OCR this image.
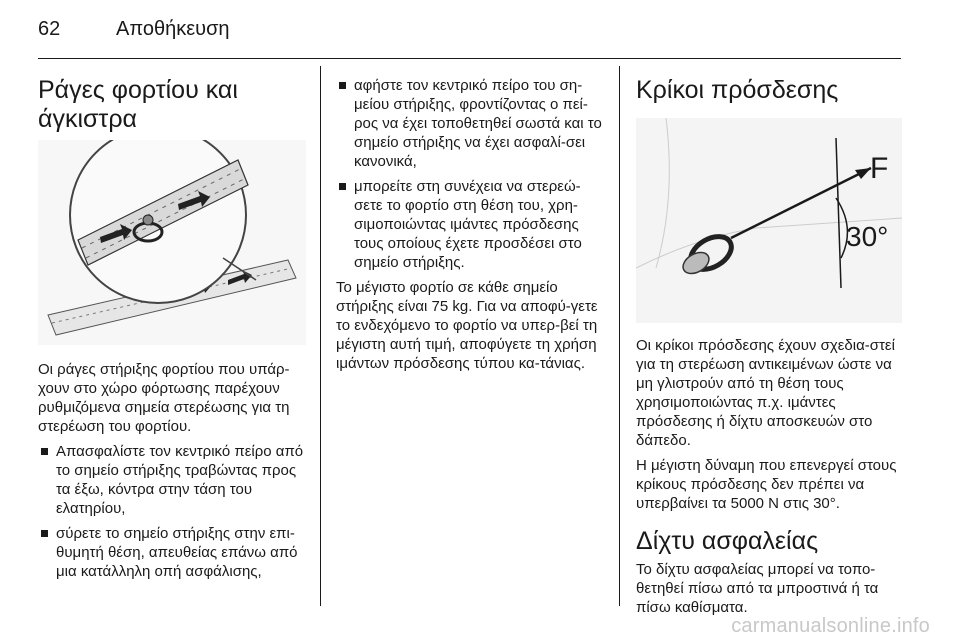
62	Αποθήκευση
Ράγες φορτίου και
άγκιστρα

Οι ράγες στήριξης φορτίου που υπάρ-χουν στο χώρο φόρτωσης παρέχουν ρυθμιζόμενα σημεία στερέωσης για τη στερέωση του φορτίου.

Απασφαλίστε τον κεντρικό πείρο από το σημείο στήριξης τραβώντας προς τα έξω, κόντρα στην τάση του ελατηρίου,
σύρετε το σημείο στήριξης στην επι-θυμητή θέση, απευθείας επάνω από μια κατάλληλη οπή ασφάλισης,
αφήστε τον κεντρικό πείρο του ση-μείου στήριξης, φροντίζοντας ο πεί-ρος να έχει τοποθετηθεί σωστά και το σημείο στήριξης να έχει ασφαλί-σει κανονικά,
μπορείτε στη συνέχεια να στερεώ-σετε το φορτίο στη θέση του, χρη-σιμοποιώντας ιμάντες πρόσδεσης τους οποίους έχετε προσδέσει στο σημείο στήριξης.

Το μέγιστο φορτίο σε κάθε σημείο στήριξης είναι 75 kg. Για να αποφύ-γετε το ενδεχόμενο το φορτίο να υπερ-βεί τη μέγιστη αυτή τιμή, αποφύγετε τη χρήση ιμάντων πρόσδεσης τύπου κα-τάνιας.

Κρίκοι πρόσδεσης
F
30°

Οι κρίκοι πρόσδεσης έχουν σχεδια-στεί για τη στερέωση αντικειμένων ώστε να μη γλιστρούν από τη θέση τους χρησιμοποιώντας π.χ. ιμάντες πρόσδεσης ή δίχτυ αποσκευών στο δάπεδο.

Η μέγιστη δύναμη που επενεργεί στους κρίκους πρόσδεσης δεν πρέπει να υπερβαίνει τα 5000 N στις 30°.

Δίχτυ ασφαλείας

Το δίχτυ ασφαλείας μπορεί να τοπο-θετηθεί πίσω από τα μπροστινά ή τα πίσω καθίσματα.

carmanualsonline.info
